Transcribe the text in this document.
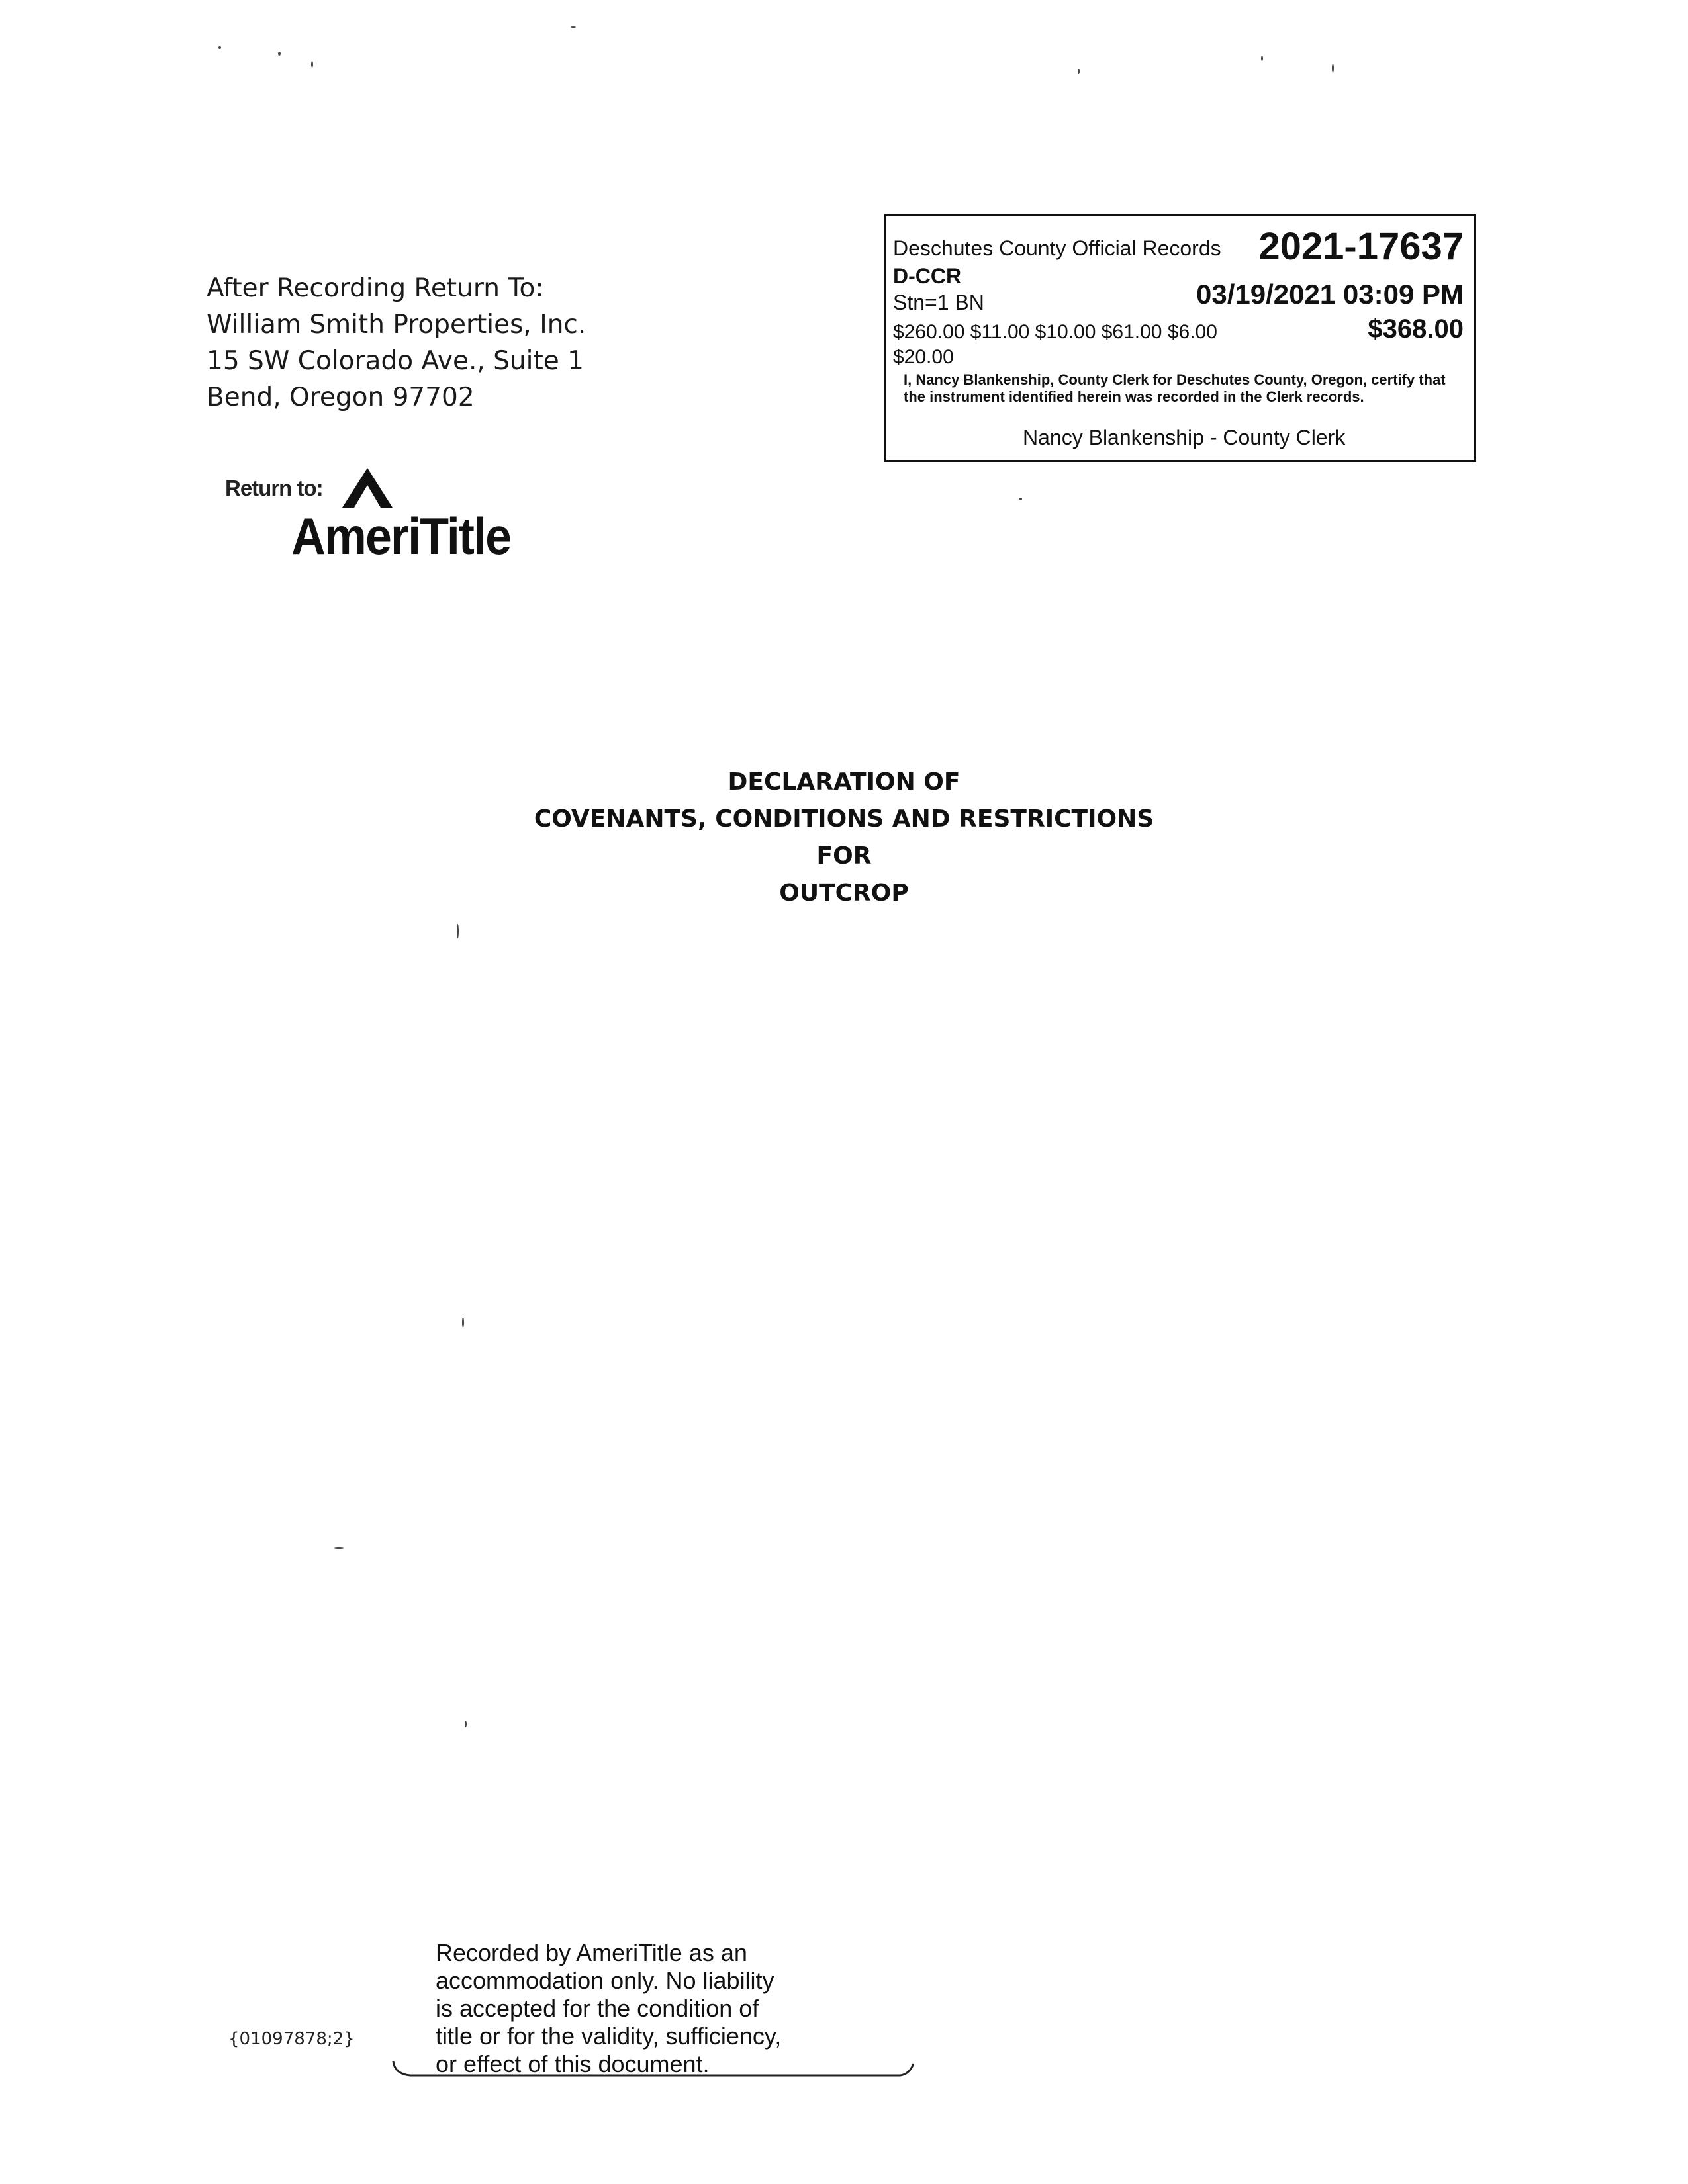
After Recording Return To:
William Smith Properties, Inc.
15 SW Colorado Ave., Suite 1
Bend, Oregon 97702
Return to:
AmeriTitle
Deschutes County Official Records 2021-17637
D-CCR
Stn=1 BN	03/19/2021 03:09 PM
$260.00 $11.00 $10.00 $61.00 $6.00	$368.00
$20.00
I, Nancy Blankenship, County Clerk for Deschutes County, Oregon, certify that the instrument identified herein was recorded in the Clerk records.
Nancy Blankenship - County Clerk
DECLARATION OF
COVENANTS, CONDITIONS AND RESTRICTIONS
FOR
OUTCROP
Recorded by AmeriTitle as an
accommodation only. No liability
is accepted for the condition of
title or for the validity, sufficiency,
or effect of this document.
{01097878;2}
